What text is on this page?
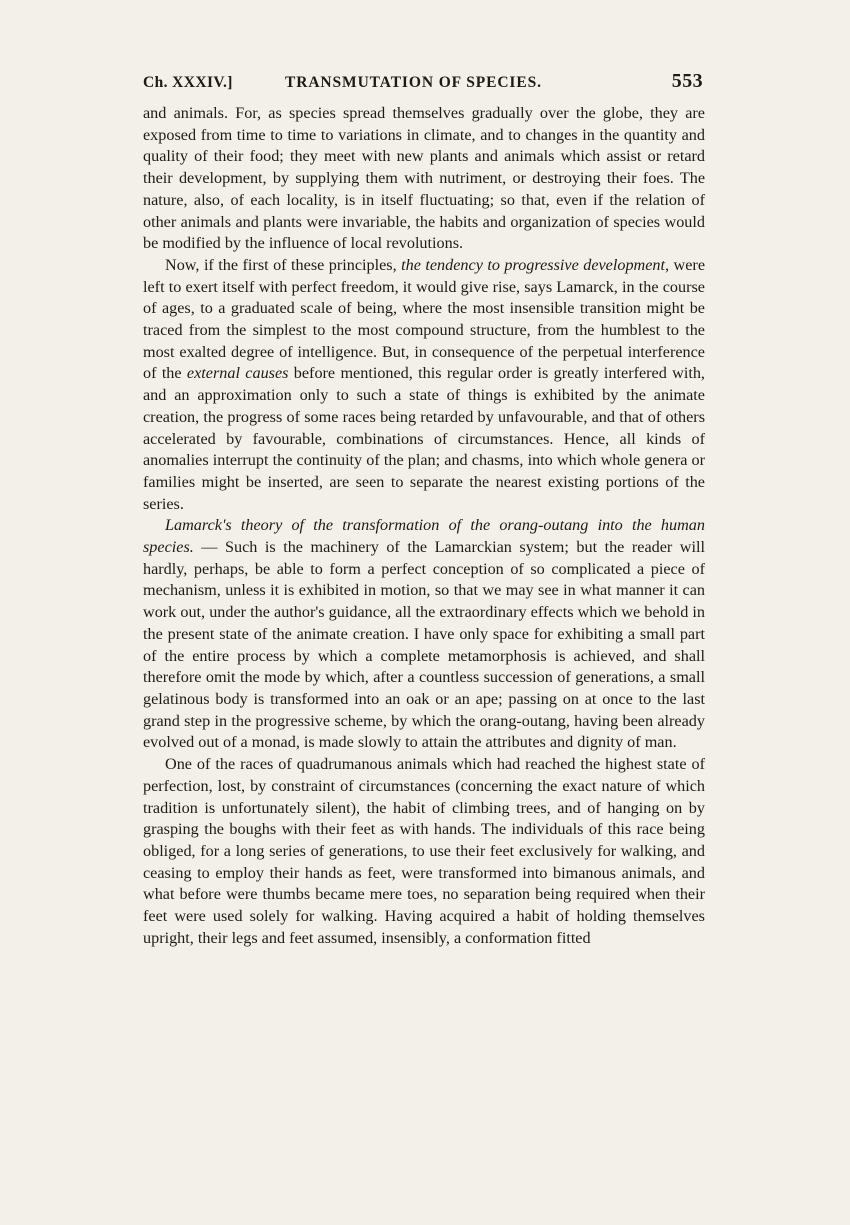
Ch. XXXIV.]	TRANSMUTATION OF SPECIES.	553

and animals. For, as species spread themselves gradually over the globe, they are exposed from time to time to variations in climate, and to changes in the quantity and quality of their food; they meet with new plants and animals which assist or retard their development, by supplying them with nutriment, or destroying their foes. The nature, also, of each locality, is in itself fluctuating; so that, even if the relation of other animals and plants were invariable, the habits and organization of species would be modified by the influence of local revolutions.

Now, if the first of these principles, the tendency to progressive development, were left to exert itself with perfect freedom, it would give rise, says Lamarck, in the course of ages, to a graduated scale of being, where the most insensible transition might be traced from the simplest to the most compound structure, from the humblest to the most exalted degree of intelligence. But, in consequence of the perpetual interference of the external causes before mentioned, this regular order is greatly interfered with, and an approximation only to such a state of things is exhibited by the animate creation, the progress of some races being retarded by unfavourable, and that of others accelerated by favourable, combinations of circumstances. Hence, all kinds of anomalies interrupt the continuity of the plan; and chasms, into which whole genera or families might be inserted, are seen to separate the nearest existing portions of the series.

Lamarck's theory of the transformation of the orang-outang into the human species. — Such is the machinery of the Lamarckian system; but the reader will hardly, perhaps, be able to form a perfect conception of so complicated a piece of mechanism, unless it is exhibited in motion, so that we may see in what manner it can work out, under the author's guidance, all the extraordinary effects which we behold in the present state of the animate creation. I have only space for exhibiting a small part of the entire process by which a complete metamorphosis is achieved, and shall therefore omit the mode by which, after a countless succession of generations, a small gelatinous body is transformed into an oak or an ape; passing on at once to the last grand step in the progressive scheme, by which the orang-outang, having been already evolved out of a monad, is made slowly to attain the attributes and dignity of man.

One of the races of quadrumanous animals which had reached the highest state of perfection, lost, by constraint of circumstances (concerning the exact nature of which tradition is unfortunately silent), the habit of climbing trees, and of hanging on by grasping the boughs with their feet as with hands. The individuals of this race being obliged, for a long series of generations, to use their feet exclusively for walking, and ceasing to employ their hands as feet, were transformed into bimanous animals, and what before were thumbs became mere toes, no separation being required when their feet were used solely for walking. Having acquired a habit of holding themselves upright, their legs and feet assumed, insensibly, a conformation fitted
